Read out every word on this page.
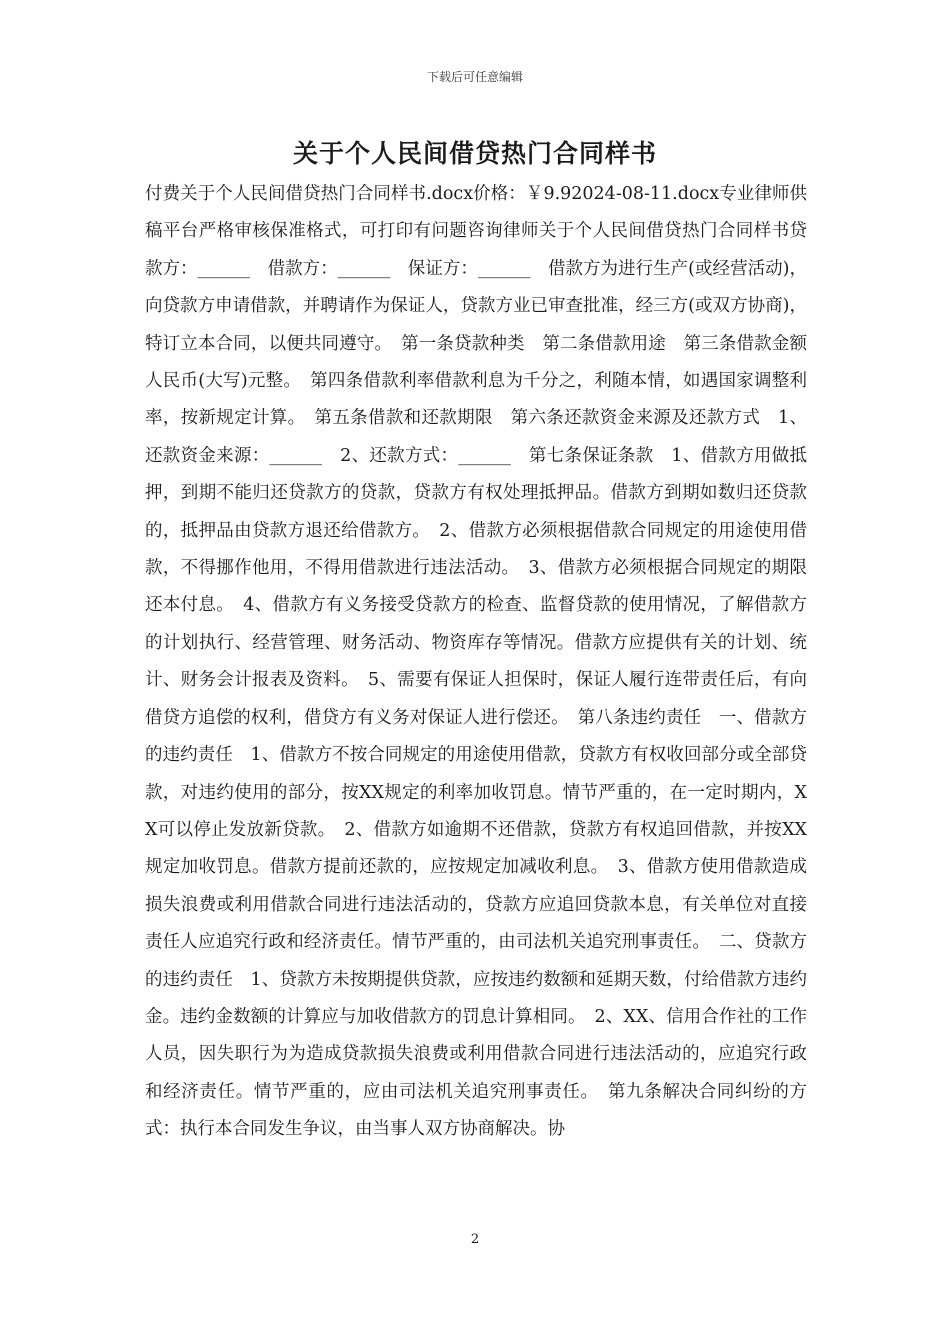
下载后可任意编辑
关于个人民间借贷热门合同样书

付费关于个人民间借贷热门合同样书.docx价格：￥9.92024-08-11.docx专业律师供稿平台严格审核保准格式，可打印有问题咨询律师关于个人民间借贷热门合同样书贷款方：______　借款方：______　保证方：______　借款方为进行生产(或经营活动)，向贷款方申请借款，并聘请作为保证人，贷款方业已审查批准，经三方(或双方协商)，特订立本合同，以便共同遵守。　第一条贷款种类　第二条借款用途　第三条借款金额人民币(大写)元整。　第四条借款利率借款利息为千分之，利随本情，如遇国家调整利率，按新规定计算。　第五条借款和还款期限　第六条还款资金来源及还款方式　1、还款资金来源：______　2、还款方式：______　第七条保证条款　1、借款方用做抵押，到期不能归还贷款方的贷款，贷款方有权处理抵押品。借款方到期如数归还贷款的，抵押品由贷款方退还给借款方。　2、借款方必须根据借款合同规定的用途使用借款，不得挪作他用，不得用借款进行违法活动。　3、借款方必须根据合同规定的期限还本付息。　4、借款方有义务接受贷款方的检查、监督贷款的使用情况，了解借款方的计划执行、经营管理、财务活动、物资库存等情况。借款方应提供有关的计划、统计、财务会计报表及资料。　5、需要有保证人担保时，保证人履行连带责任后，有向借贷方追偿的权利，借贷方有义务对保证人进行偿还。　第八条违约责任　一、借款方的违约责任　1、借款方不按合同规定的用途使用借款，贷款方有权收回部分或全部贷款，对违约使用的部分，按XX规定的利率加收罚息。情节严重的，在一定时期内，XX可以停止发放新贷款。　2、借款方如逾期不还借款，贷款方有权追回借款，并按XX规定加收罚息。借款方提前还款的，应按规定加减收利息。　3、借款方使用借款造成损失浪费或利用借款合同进行违法活动的，贷款方应追回贷款本息，有关单位对直接责任人应追究行政和经济责任。情节严重的，由司法机关追究刑事责任。　二、贷款方的违约责任　1、贷款方未按期提供贷款，应按违约数额和延期天数，付给借款方违约金。违约金数额的计算应与加收借款方的罚息计算相同。　2、XX、信用合作社的工作人员，因失职行为为造成贷款损失浪费或利用借款合同进行违法活动的，应追究行政和经济责任。情节严重的，应由司法机关追究刑事责任。　第九条解决合同纠纷的方式：执行本合同发生争议，由当事人双方协商解决。协

2
